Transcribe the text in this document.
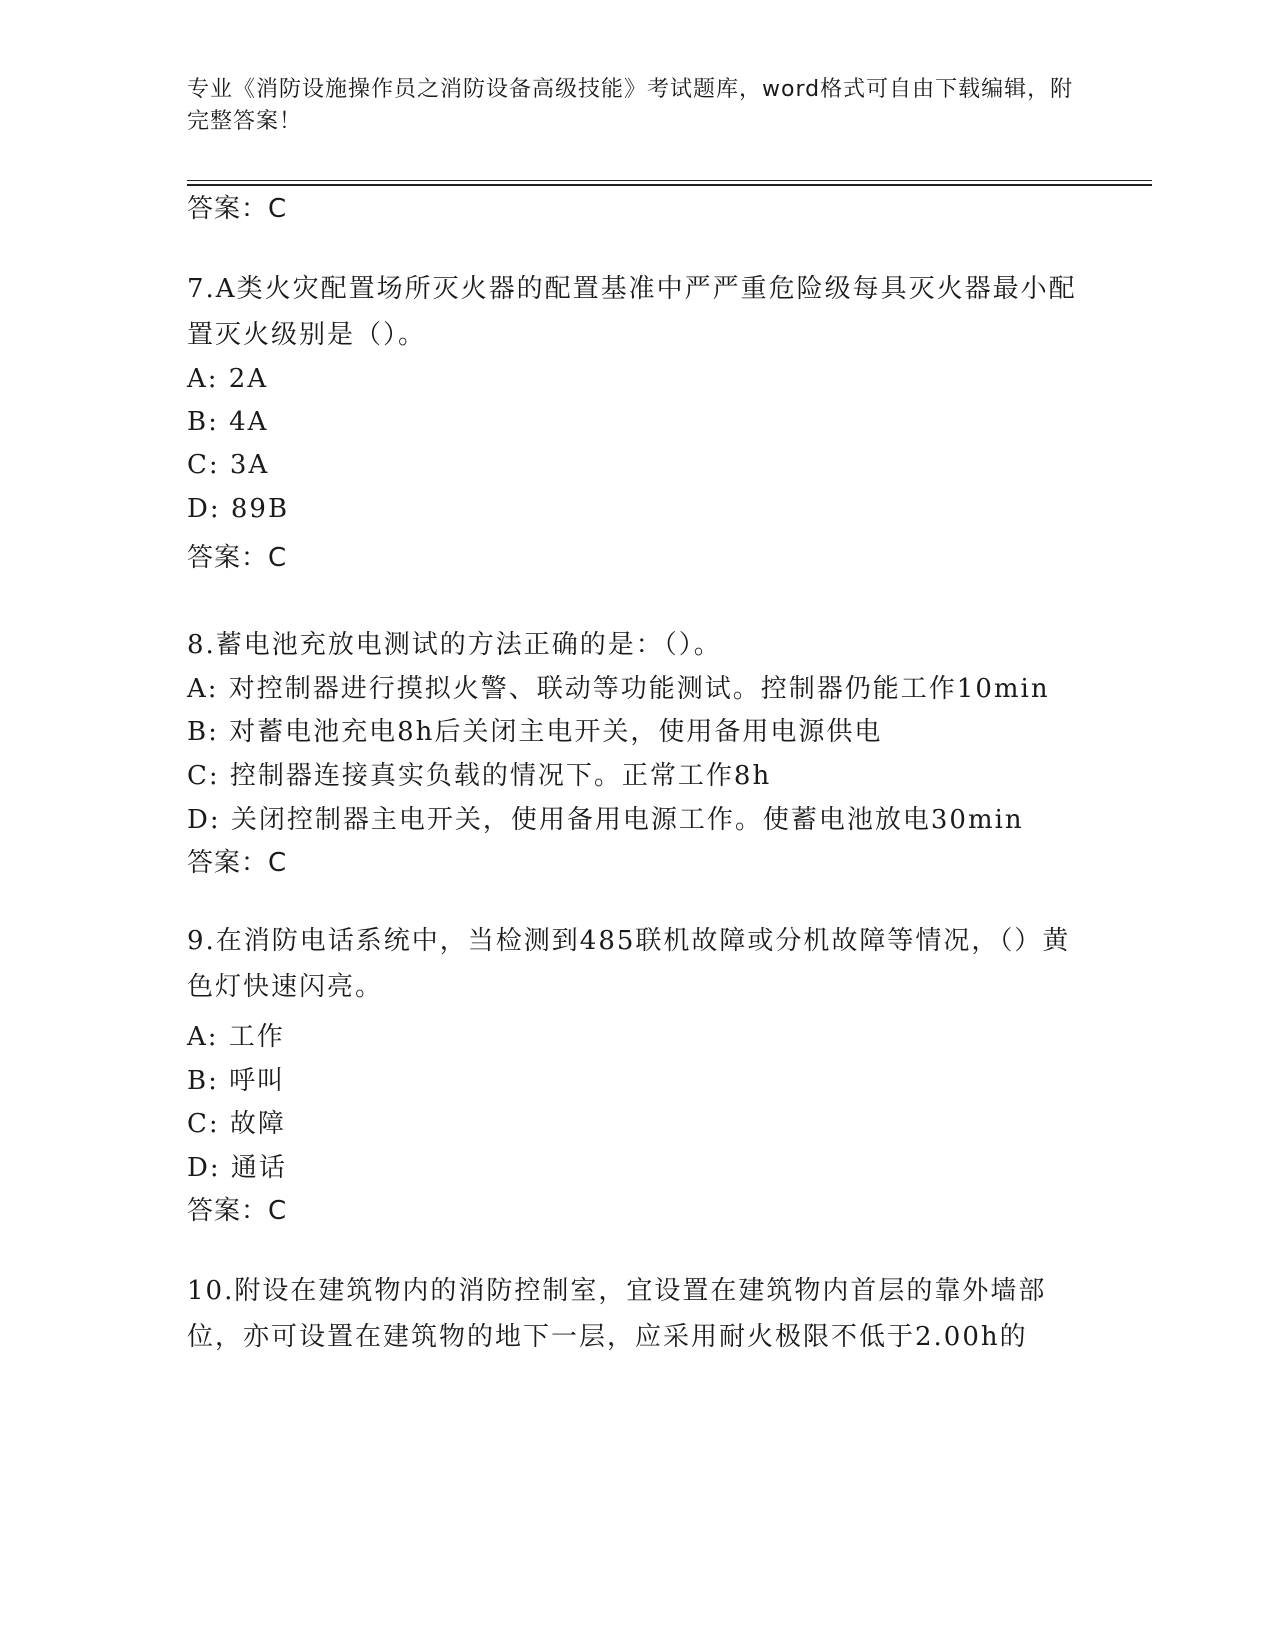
专业《消防设施操作员之消防设备高级技能》考试题库，word格式可自由下载编辑，附完整答案！
答案：C
7.A类火灾配置场所灭火器的配置基准中严严重危险级每具灭火器最小配置灭火级别是（）。
A: 2A
B: 4A
C: 3A
D: 89B
答案：C
8.蓄电池充放电测试的方法正确的是：（）。
A: 对控制器进行摸拟火警、联动等功能测试。控制器仍能工作10min
B: 对蓄电池充电8h后关闭主电开关，使用备用电源供电
C: 控制器连接真实负载的情况下。正常工作8h
D: 关闭控制器主电开关，使用备用电源工作。使蓄电池放电30min
答案：C
9.在消防电话系统中，当检测到485联机故障或分机故障等情况，（）黄色灯快速闪亮。
A: 工作
B: 呼叫
C: 故障
D: 通话
答案：C
10.附设在建筑物内的消防控制室，宜设置在建筑物内首层的靠外墙部位，亦可设置在建筑物的地下一层，应采用耐火极限不低于2.00h的
